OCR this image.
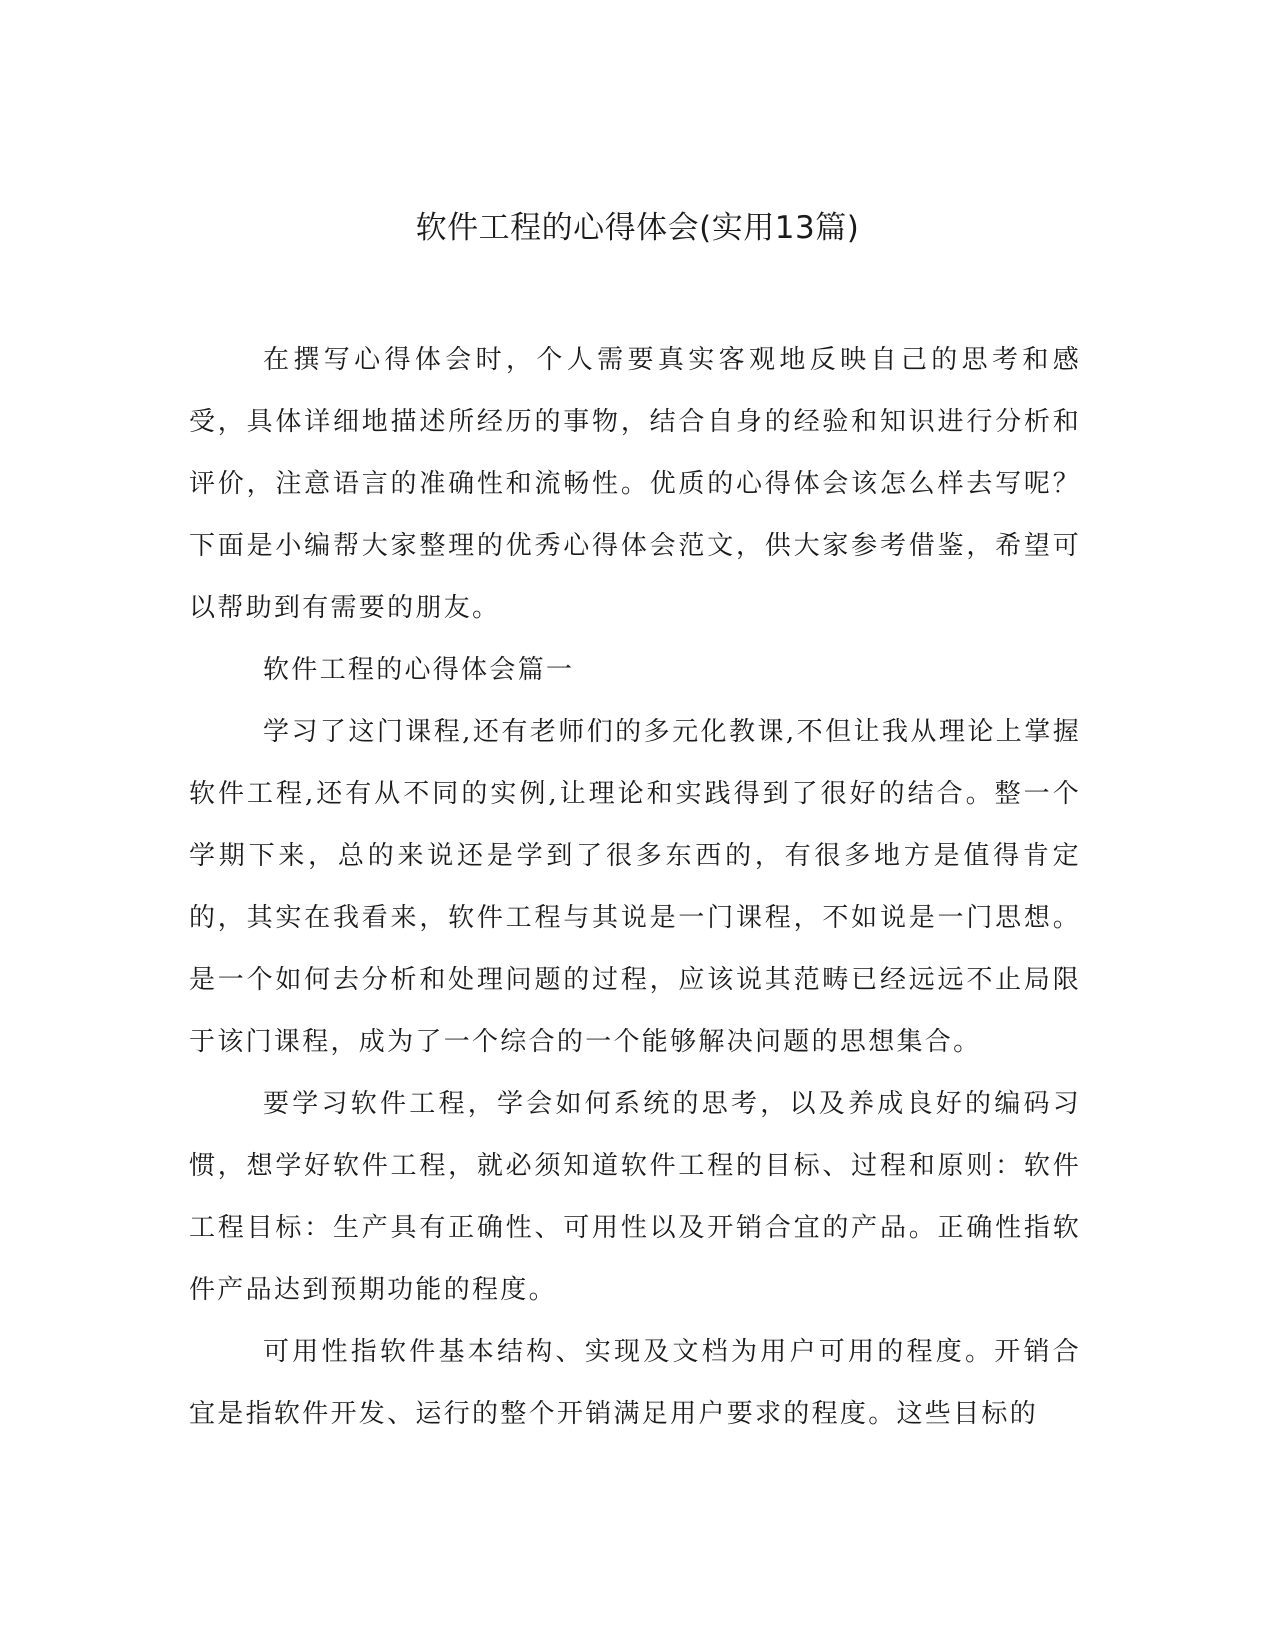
软件工程的心得体会(实用13篇)

在撰写心得体会时，个人需要真实客观地反映自己的思考和感受，具体详细地描述所经历的事物，结合自身的经验和知识进行分析和评价，注意语言的准确性和流畅性。优质的心得体会该怎么样去写呢？下面是小编帮大家整理的优秀心得体会范文，供大家参考借鉴，希望可以帮助到有需要的朋友。

软件工程的心得体会篇一

学习了这门课程,还有老师们的多元化教课,不但让我从理论上掌握软件工程,还有从不同的实例,让理论和实践得到了很好的结合。整一个学期下来，总的来说还是学到了很多东西的，有很多地方是值得肯定的，其实在我看来，软件工程与其说是一门课程，不如说是一门思想。是一个如何去分析和处理问题的过程，应该说其范畴已经远远不止局限于该门课程，成为了一个综合的一个能够解决问题的思想集合。

要学习软件工程，学会如何系统的思考，以及养成良好的编码习惯，想学好软件工程，就必须知道软件工程的目标、过程和原则：软件工程目标：生产具有正确性、可用性以及开销合宜的产品。正确性指软件产品达到预期功能的程度。

可用性指软件基本结构、实现及文档为用户可用的程度。开销合宜是指软件开发、运行的整个开销满足用户要求的程度。这些目标的
